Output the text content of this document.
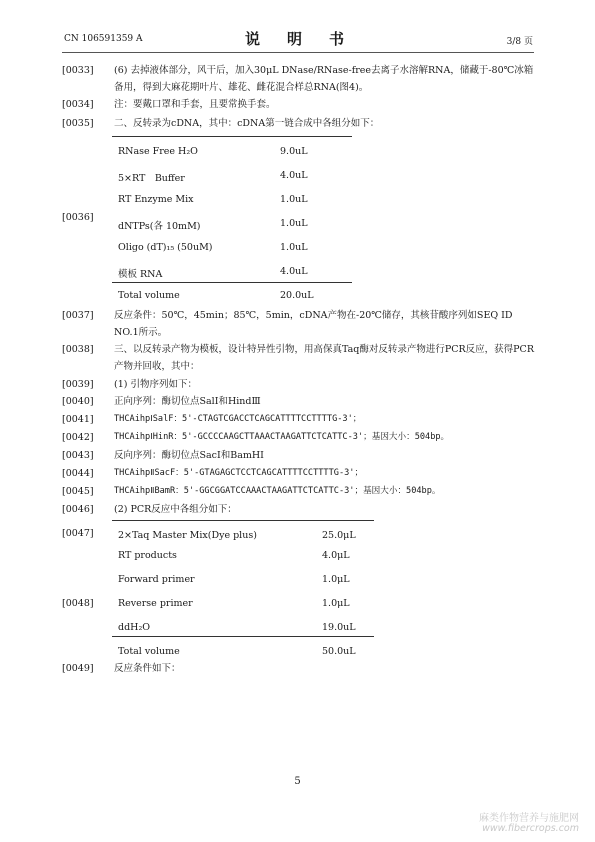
CN 106591359 A	说　明　书	3/8 页
[0033]	(6) 去掉液体部分，风干后，加入30μL DNase/RNase-free去离子水溶解RNA，储藏于-80℃冰箱备用，得到大麻花期叶片、雄花、雌花混合样总RNA(图4)。
[0034]	注：要戴口罩和手套，且要常换手套。
[0035]	二、反转录为cDNA，其中：cDNA第一链合成中各组分如下：
[0036]
RNase Free H₂O	9.0uL
5×RT　Buffer	4.0uL
RT Enzyme Mix	1.0uL
dNTPs(各 10mM)	1.0uL
Oligo (dT)₁₅ (50uM)	1.0uL
模板 RNA	4.0uL
Total volume	20.0uL
[0037]	反应条件：50℃，45min；85℃，5min，cDNA产物在-20℃储存，其核苷酸序列如SEQ ID NO.1所示。
[0038]	三、以反转录产物为模板，设计特异性引物，用高保真Taq酶对反转录产物进行PCR反应，获得PCR产物并回收，其中：
[0039]	(1) 引物序列如下：
[0040]	正向序列：酶切位点SalⅠ和HindⅢ
[0041]	THCAihpⅠSalF：5'-CTAGTCGACCTCAGCATTTTCCTTTTG-3'；
[0042]	THCAihpⅠHinR：5'-GCCCCAAGCTTAAACTAAGATTCTCATTC-3'；基因大小：504bp。
[0043]	反向序列：酶切位点SacⅠ和BamHⅠ
[0044]	THCAihpⅡSacF：5'-GTAGAGCTCCTCAGCATTTTCCTTTTG-3'；
[0045]	THCAihpⅡBamR：5'-GGCGGATCCAAACTAAGATTCTCATTC-3'；基因大小：504bp。
[0046]	(2) PCR反应中各组分如下：
[0047]
[0048]
2×Taq Master Mix(Dye plus)	25.0μL
RT products	4.0μL
Forward primer	1.0μL
Reverse primer	1.0μL
ddH₂O	19.0uL
Total volume	50.0uL
[0049]	反应条件如下：
5
麻类作物营养与施肥网
www.fibercrops.com
